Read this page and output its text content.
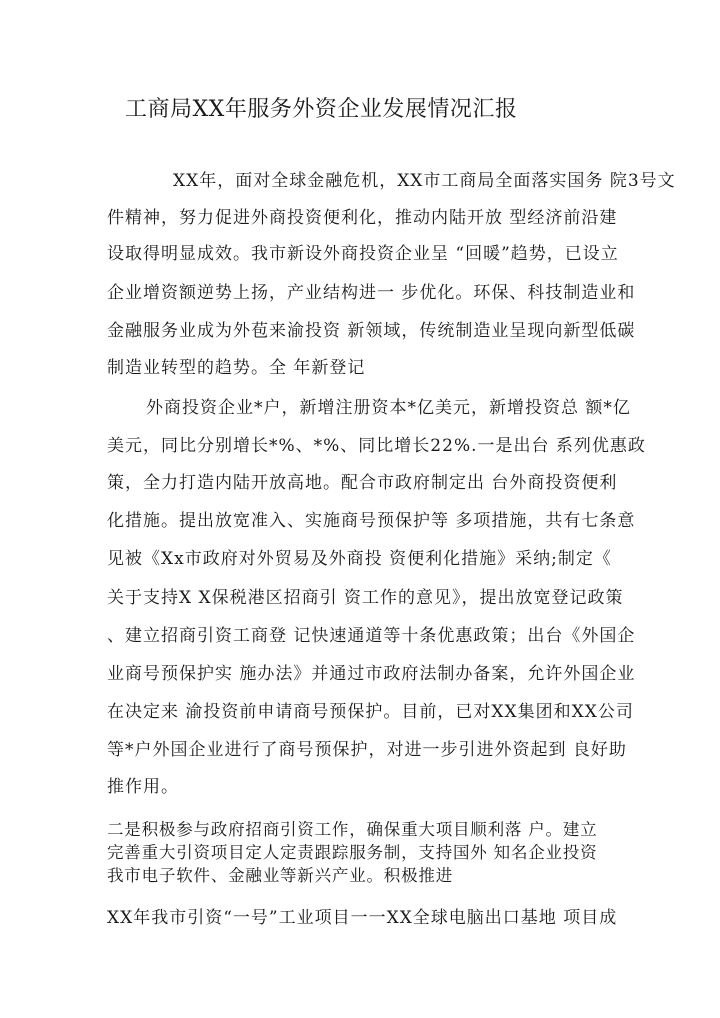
工商局XX年服务外资企业发展情况汇报
XX年，面对全球金融危机，XX市工商局全面落实国务 院3号文
件精神，努力促进外商投资便利化，推动内陆开放 型经济前沿建
设取得明显成效。我市新设外商投资企业呈 “回暖”趋势，已设立
企业增资额逆势上扬，产业结构进一 步优化。环保、科技制造业和
金融服务业成为外苞来渝投资 新领域，传统制造业呈现向新型低碳
制造业转型的趋势。全 年新登记
外商投资企业*户，新增注册资本*亿美元，新增投资总 额*亿
美元，同比分别增长*%、*%、同比增长22%.一是出台 系列优惠政
策，全力打造内陆开放高地。配合市政府制定出 台外商投资便利
化措施。提出放宽准入、实施商号预保护等 多项措施，共有七条意
见被《Xx市政府对外贸易及外商投 资便利化措施》采纳;制定《
关于支持X X保税港区招商引 资工作的意见》，提出放宽登记政策
、建立招商引资工商登 记快速通道等十条优惠政策；出台《外国企
业商号预保护实 施办法》并通过市政府法制办备案，允许外国企业
在决定来 渝投资前申请商号预保护。目前，已对XX集团和XX公司
等*户外国企业进行了商号预保护，对进一步引进外资起到 良好助
推作用。
二是积极参与政府招商引资工作，确保重大项目顺利落 户。建立
完善重大引资项目定人定责跟踪服务制，支持国外 知名企业投资
我市电子软件、金融业等新兴产业。积极推进
XX年我市引资“一号”工业项目一一XX全球电脑出口基地 项目成
